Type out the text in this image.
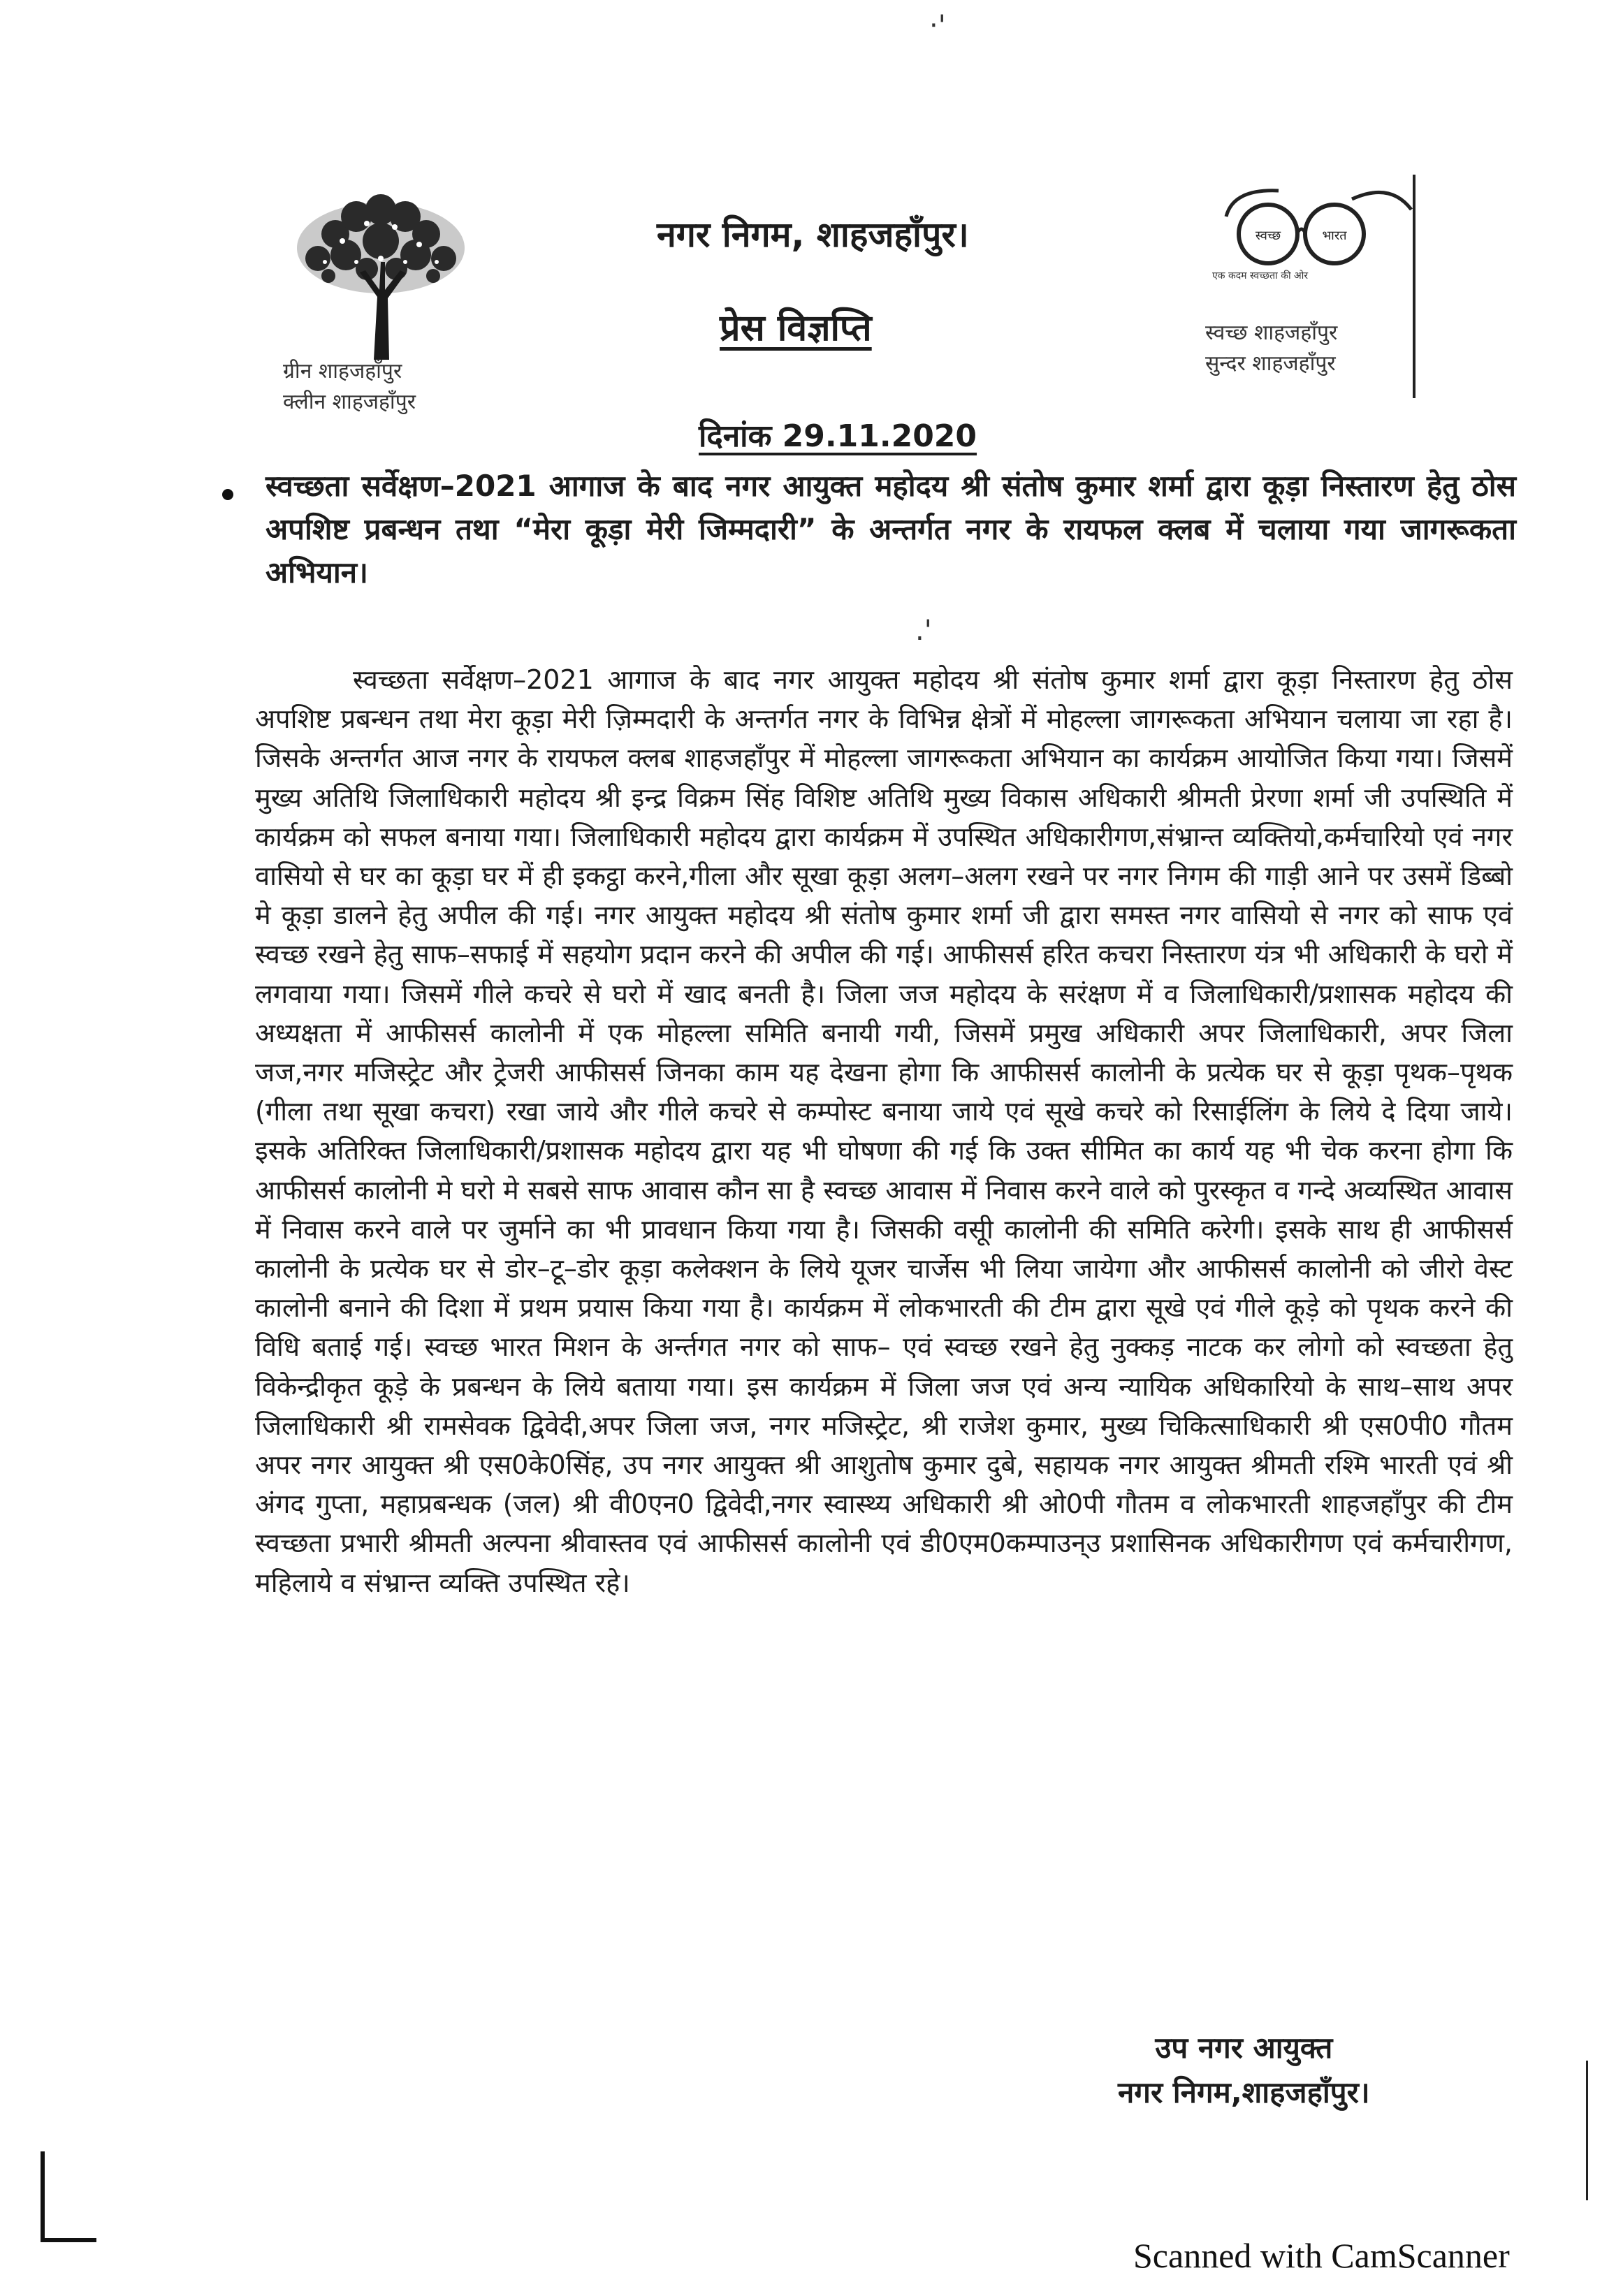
नगर निगम, शाहजहाँपुर।
प्रेस विज्ञप्ति
दिनांक 29.11.2020
ग्रीन शाहजहाँपुर
क्लीन शाहजहाँपुर
स्वच्छ	भारत
एक कदम स्वच्छता की ओर
स्वच्छ शाहजहाँपुर
सुन्दर शाहजहाँपुर
स्वच्छता सर्वेक्षण–2021 आगाज के बाद नगर आयुक्त महोदय श्री संतोष कुमार शर्मा द्वारा कूड़ा निस्तारण हेतु ठोस अपशिष्ट प्रबन्धन तथा “मेरा कूड़ा मेरी जिम्मदारी” के अन्तर्गत नगर के रायफल क्लब में चलाया गया जागरूकता अभियान।
·'
.'

स्वच्छता सर्वेक्षण–2021 आगाज के बाद नगर आयुक्त महोदय श्री संतोष कुमार शर्मा द्वारा कूड़ा निस्तारण हेतु ठोस अपशिष्ट प्रबन्धन तथा मेरा कूड़ा मेरी ज़िम्मदारी के अन्तर्गत नगर के विभिन्न क्षेत्रों में मोहल्ला जागरूकता अभियान चलाया जा रहा है। जिसके अन्तर्गत आज नगर के रायफल क्लब शाहजहाँपुर में मोहल्ला जागरूकता अभियान का कार्यक्रम आयोजित किया गया। जिसमें मुख्य अतिथि जिलाधिकारी महोदय श्री इन्द्र विक्रम सिंह विशिष्ट अतिथि मुख्य विकास अधिकारी श्रीमती प्रेरणा शर्मा जी उपस्थिति में कार्यक्रम को सफल बनाया गया। जिलाधिकारी महोदय द्वारा कार्यक्रम में उपस्थित अधिकारीगण,संभ्रान्त व्यक्तियो,कर्मचारियो एवं नगर वासियो से घर का कूड़ा घर में ही इकट्ठा करने,गीला और सूखा कूड़ा अलग–अलग रखने पर नगर निगम की गाड़ी आने पर उसमें डिब्बो मे कूड़ा डालने हेतु अपील की गई। नगर आयुक्त महोदय श्री संतोष कुमार शर्मा जी द्वारा समस्त नगर वासियो से नगर को साफ एवं स्वच्छ रखने हेतु साफ–सफाई में सहयोग प्रदान करने की अपील की गई। आफीसर्स हरित कचरा निस्तारण यंत्र भी अधिकारी के घरो में लगवाया गया। जिसमें गीले कचरे से घरो में खाद बनती है। जिला जज महोदय के सरंक्षण में व जिलाधिकारी/प्रशासक महोदय की अध्यक्षता में आफीसर्स कालोनी में एक मोहल्ला समिति बनायी गयी, जिसमें प्रमुख अधिकारी अपर जिलाधिकारी, अपर जिला जज,नगर मजिस्ट्रेट और ट्रेजरी आफीसर्स जिनका काम यह देखना होगा कि आफीसर्स कालोनी के प्रत्येक घर से कूड़ा पृथक–पृथक (गीला तथा सूखा कचरा) रखा जाये और गीले कचरे से कम्पोस्ट बनाया जाये एवं सूखे कचरे को रिसाईलिंग के लिये दे दिया जाये। इसके अतिरिक्त जिलाधिकारी/प्रशासक महोदय द्वारा यह भी घोषणा की गई कि उक्त सीमित का कार्य यह भी चेक करना होगा कि आफीसर्स कालोनी मे घरो मे सबसे साफ आवास कौन सा है स्वच्छ आवास में निवास करने वाले को पुरस्कृत व गन्दे अव्यस्थित आवास में निवास करने वाले पर जुर्माने का भी प्रावधान किया गया है। जिसकी वसूी कालोनी की समिति करेगी। इसके साथ ही आफीसर्स कालोनी के प्रत्येक घर से डोर–टू–डोर कूड़ा कलेक्शन के लिये यूजर चार्जेस भी लिया जायेगा और आफीसर्स कालोनी को जीरो वेस्ट कालोनी बनाने की दिशा में प्रथम प्रयास किया गया है। कार्यक्रम में लोकभारती की टीम द्वारा सूखे एवं गीले कूड़े को पृथक करने की विधि बताई गई। स्वच्छ भारत मिशन के अर्न्तगत नगर को साफ– एवं स्वच्छ रखने हेतु नुक्कड़ नाटक कर लोगो को स्वच्छता हेतु विकेन्द्रीकृत कूड़े के प्रबन्धन के लिये बताया गया। इस कार्यक्रम में जिला जज एवं अन्य न्यायिक अधिकारियो के साथ–साथ अपर जिलाधिकारी श्री रामसेवक द्विवेदी,अपर जिला जज, नगर मजिस्ट्रेट, श्री राजेश कुमार, मुख्य चिकित्साधिकारी श्री एस0पी0 गौतम अपर नगर आयुक्त श्री एस0के0सिंह, उप नगर आयुक्त श्री आशुतोष कुमार दुबे, सहायक नगर आयुक्त श्रीमती रश्मि भारती एवं श्री अंगद गुप्ता, महाप्रबन्धक (जल) श्री वी0एन0 द्विवेदी,नगर स्वास्थ्य अधिकारी श्री ओ0पी गौतम व लोकभारती शाहजहाँपुर की टीम स्वच्छता प्रभारी श्रीमती अल्पना श्रीवास्तव एवं आफीसर्स कालोनी एवं डी0एम0कम्पाउन्उ प्रशासिनक अधिकारीगण एवं कर्मचारीगण, महिलाये व संभ्रान्त व्यक्ति उपस्थित रहे।

उप नगर आयुक्त
नगर निगम,शाहजहाँपुर।
Scanned with CamScanner
